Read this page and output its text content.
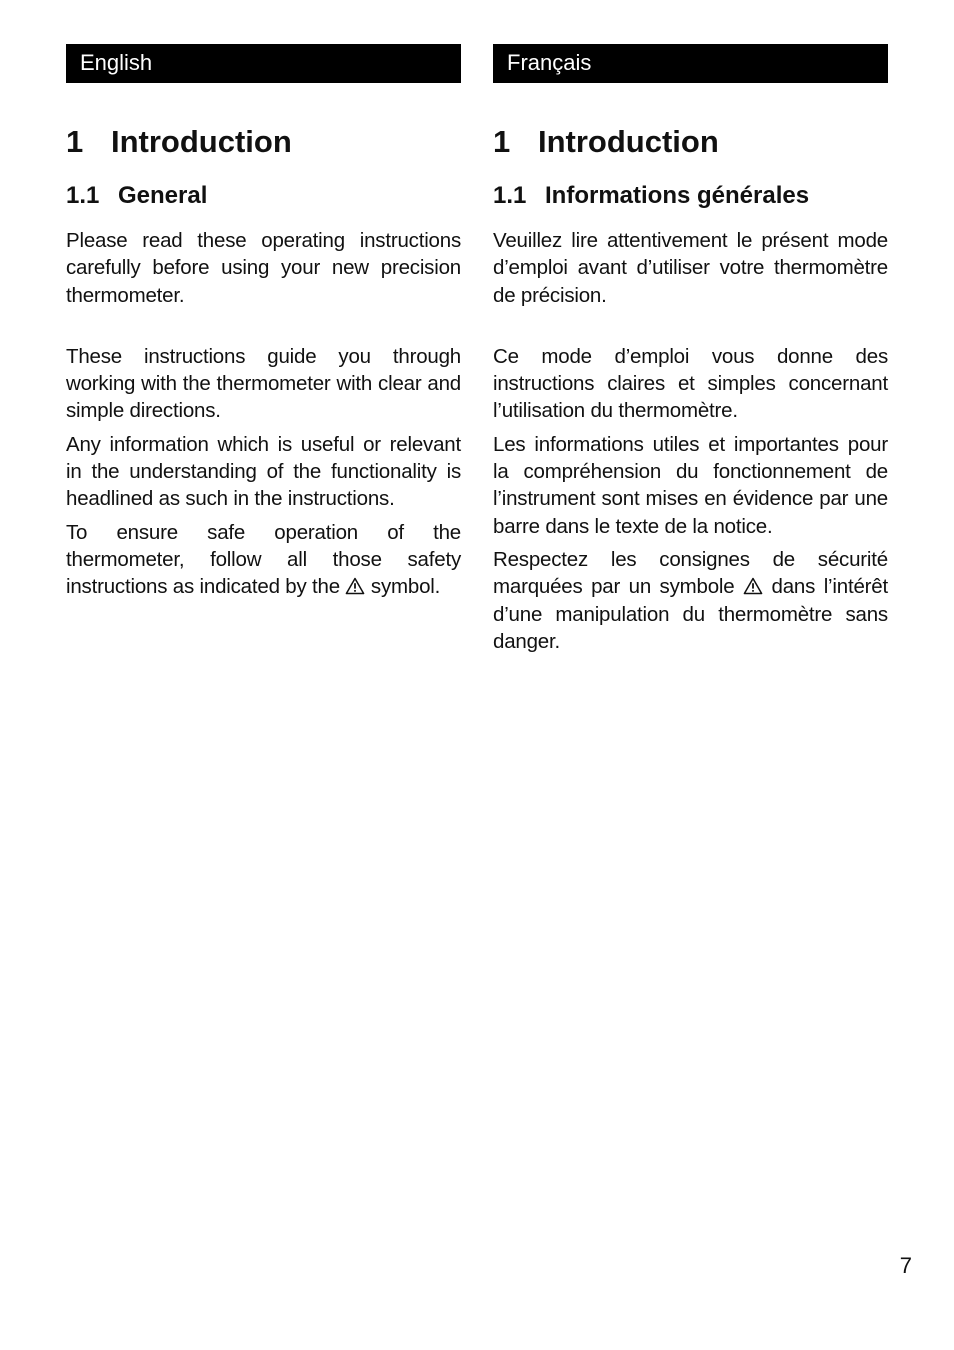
English
1 Introduction
1.1 General

Please read these operating instructions carefully before using your new precision thermometer.

These instructions guide you through working with the thermometer with clear and simple directions.

Any information which is useful or relevant in the understanding of the functionality is headlined as such in the instructions.

To ensure safe operation of the thermometer, follow all those safety instructions as indicated by the  symbol.

Français
1 Introduction
1.1 Informations générales

Veuillez lire attentivement le présent mode d’emploi avant d’utiliser votre thermomètre de précision.

Ce mode d’emploi vous donne des instructions claires et simples concernant l’utilisation du thermomètre.

Les informations utiles et importantes pour la compréhension du fonctionnement de l’instrument sont mises en évidence par une barre dans le texte de la notice.

Respectez les consignes de sécurité marquées par un symbole  dans l’intérêt d’une manipulation du thermomètre sans danger.

7
